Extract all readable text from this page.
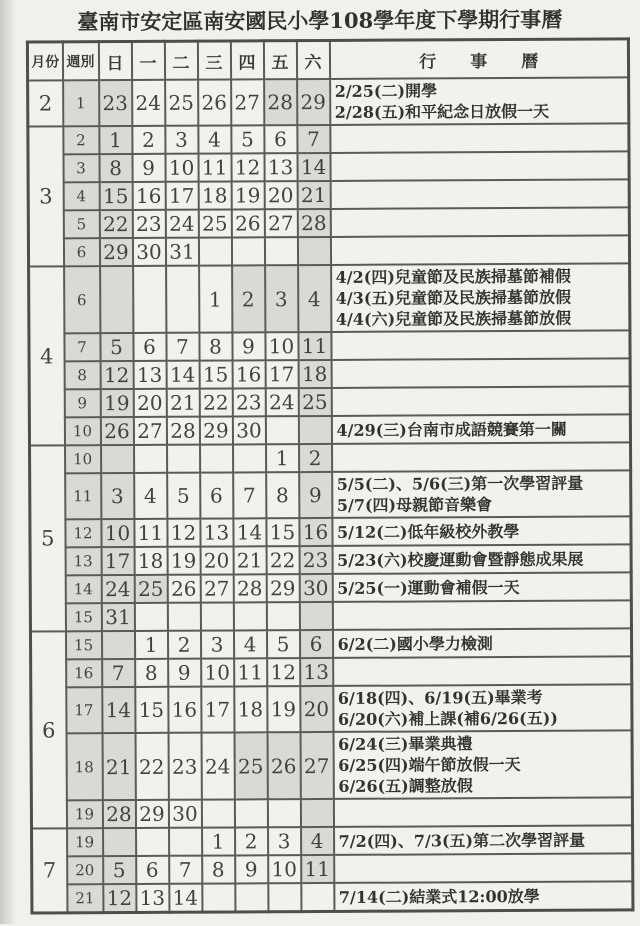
臺南市安定區南安國民小學108學年度下學期行事曆
月份	週別	日	一	二	三	四	五	六	行　　事　　曆
2	1	23	24	25	26	27	28	29	2/25(二)開學
2/28(五)和平紀念日放假一天

3	2	1	2	3	4	5	6	7	
	3	8	9	10	11	12	13	14	
	4	15	16	17	18	19	20	21	
	5	22	23	24	25	26	27	28	
	6	29	30	31					
4	6				1	2	3	4	4/2(四)兒童節及民族掃墓節補假
4/3(五)兒童節及民族掃墓節放假
4/4(六)兒童節及民族掃墓節放假

	7	5	6	7	8	9	10	11	
	8	12	13	14	15	16	17	18	
	9	19	20	21	22	23	24	25	
	10	26	27	28	29	30			4/29(三)台南市成語競賽第一關

5	10						1	2	
	11	3	4	5	6	7	8	9	5/5(二)、5/6(三)第一次學習評量
5/7(四)母親節音樂會

	12	10	11	12	13	14	15	16	5/12(二)低年級校外教學

	13	17	18	19	20	21	22	23	5/23(六)校慶運動會暨靜態成果展

	14	24	25	26	27	28	29	30	5/25(一)運動會補假一天

	15	31							
6	15		1	2	3	4	5	6	6/2(二)國小學力檢測

	16	7	8	9	10	11	12	13	
	17	14	15	16	17	18	19	20	6/18(四)、6/19(五)畢業考
6/20(六)補上課(補6/26(五))

	18	21	22	23	24	25	26	27	6/24(三)畢業典禮
6/25(四)端午節放假一天
6/26(五)調整放假

	19	28	29	30					
7	19				1	2	3	4	7/2(四)、7/3(五)第二次學習評量

	20	5	6	7	8	9	10	11	
	21	12	13	14					7/14(二)結業式12:00放學
